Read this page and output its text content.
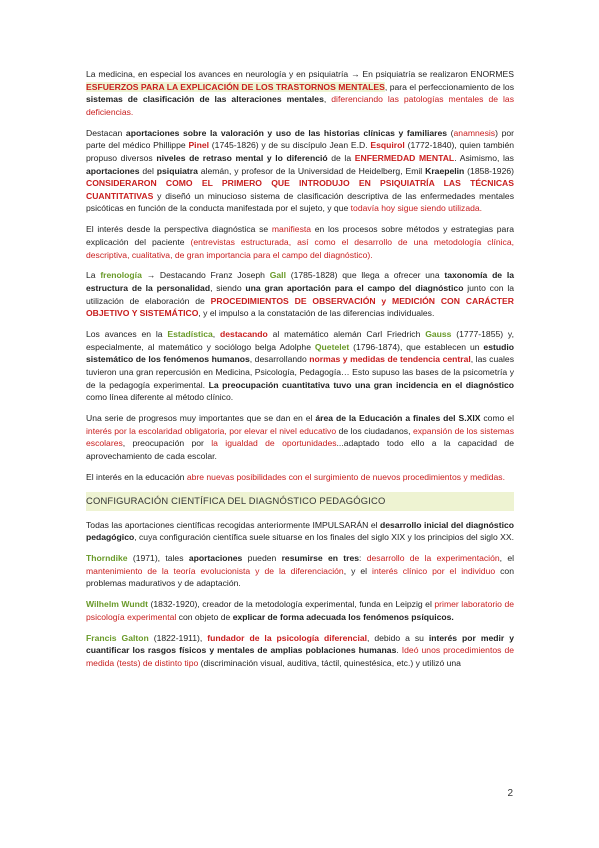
La medicina, en especial los avances en neurología y en psiquiatría → En psiquiatría se realizaron ENORMES ESFUERZOS PARA LA EXPLICACIÓN DE LOS TRASTORNOS MENTALES, para el perfeccionamiento de los sistemas de clasificación de las alteraciones mentales, diferenciando las patologías mentales de las deficiencias.

Destacan aportaciones sobre la valoración y uso de las historias clínicas y familiares (anamnesis) por parte del médico Phillippe Pinel (1745-1826) y de su discípulo Jean E.D. Esquirol (1772-1840), quien también propuso diversos niveles de retraso mental y lo diferenció de la ENFERMEDAD MENTAL. Asimismo, las aportaciones del psiquiatra alemán, y profesor de la Universidad de Heidelberg, Emil Kraepelin (1858-1926) CONSIDERARON COMO EL PRIMERO QUE INTRODUJO EN PSIQUIATRÍA LAS TÉCNICAS CUANTITATIVAS y diseñó un minucioso sistema de clasificación descriptiva de las enfermedades mentales psicóticas en función de la conducta manifestada por el sujeto, y que todavía hoy sigue siendo utilizada.

El interés desde la perspectiva diagnóstica se manifiesta en los procesos sobre métodos y estrategias para explicación del paciente (entrevistas estructurada, así como el desarrollo de una metodología clínica, descriptiva, cualitativa, de gran importancia para el campo del diagnóstico).

La frenología → Destacando Franz Joseph Gall (1785-1828) que llega a ofrecer una taxonomía de la estructura de la personalidad, siendo una gran aportación para el campo del diagnóstico junto con la utilización de elaboración de PROCEDIMIENTOS DE OBSERVACIÓN y MEDICIÓN CON CARÁCTER OBJETIVO Y SISTEMÁTICO, y el impulso a la constatación de las diferencias individuales.

Los avances en la Estadística, destacando al matemático alemán Carl Friedrich Gauss (1777-1855) y, especialmente, al matemático y sociólogo belga Adolphe Quetelet (1796-1874), que establecen un estudio sistemático de los fenómenos humanos, desarrollando normas y medidas de tendencia central, las cuales tuvieron una gran repercusión en Medicina, Psicología, Pedagogía… Esto supuso las bases de la psicometría y de la pedagogía experimental. La preocupación cuantitativa tuvo una gran incidencia en el diagnóstico como línea diferente al método clínico.

Una serie de progresos muy importantes que se dan en el área de la Educación a finales del S.XIX como el interés por la escolaridad obligatoria, por elevar el nivel educativo de los ciudadanos, expansión de los sistemas escolares, preocupación por la igualdad de oportunidades...adaptado todo ello a la capacidad de aprovechamiento de cada escolar.

El interés en la educación abre nuevas posibilidades con el surgimiento de nuevos procedimientos y medidas.

CONFIGURACIÓN CIENTÍFICA DEL DIAGNÓSTICO PEDAGÓGICO

Todas las aportaciones científicas recogidas anteriormente IMPULSARÁN el desarrollo inicial del diagnóstico pedagógico, cuya configuración científica suele situarse en los finales del siglo XIX y los principios del siglo XX.

Thorndike (1971), tales aportaciones pueden resumirse en tres: desarrollo de la experimentación, el mantenimiento de la teoría evolucionista y de la diferenciación, y el interés clínico por el individuo con problemas madurativos y de adaptación.

Wilhelm Wundt (1832-1920), creador de la metodología experimental, funda en Leipzig el primer laboratorio de psicología experimental con objeto de explicar de forma adecuada los fenómenos psíquicos.

Francis Galton (1822-1911), fundador de la psicología diferencial, debido a su interés por medir y cuantificar los rasgos físicos y mentales de amplias poblaciones humanas. Ideó unos procedimientos de medida (tests) de distinto tipo (discriminación visual, auditiva, táctil, quinestésica, etc.) y utilizó una

2
